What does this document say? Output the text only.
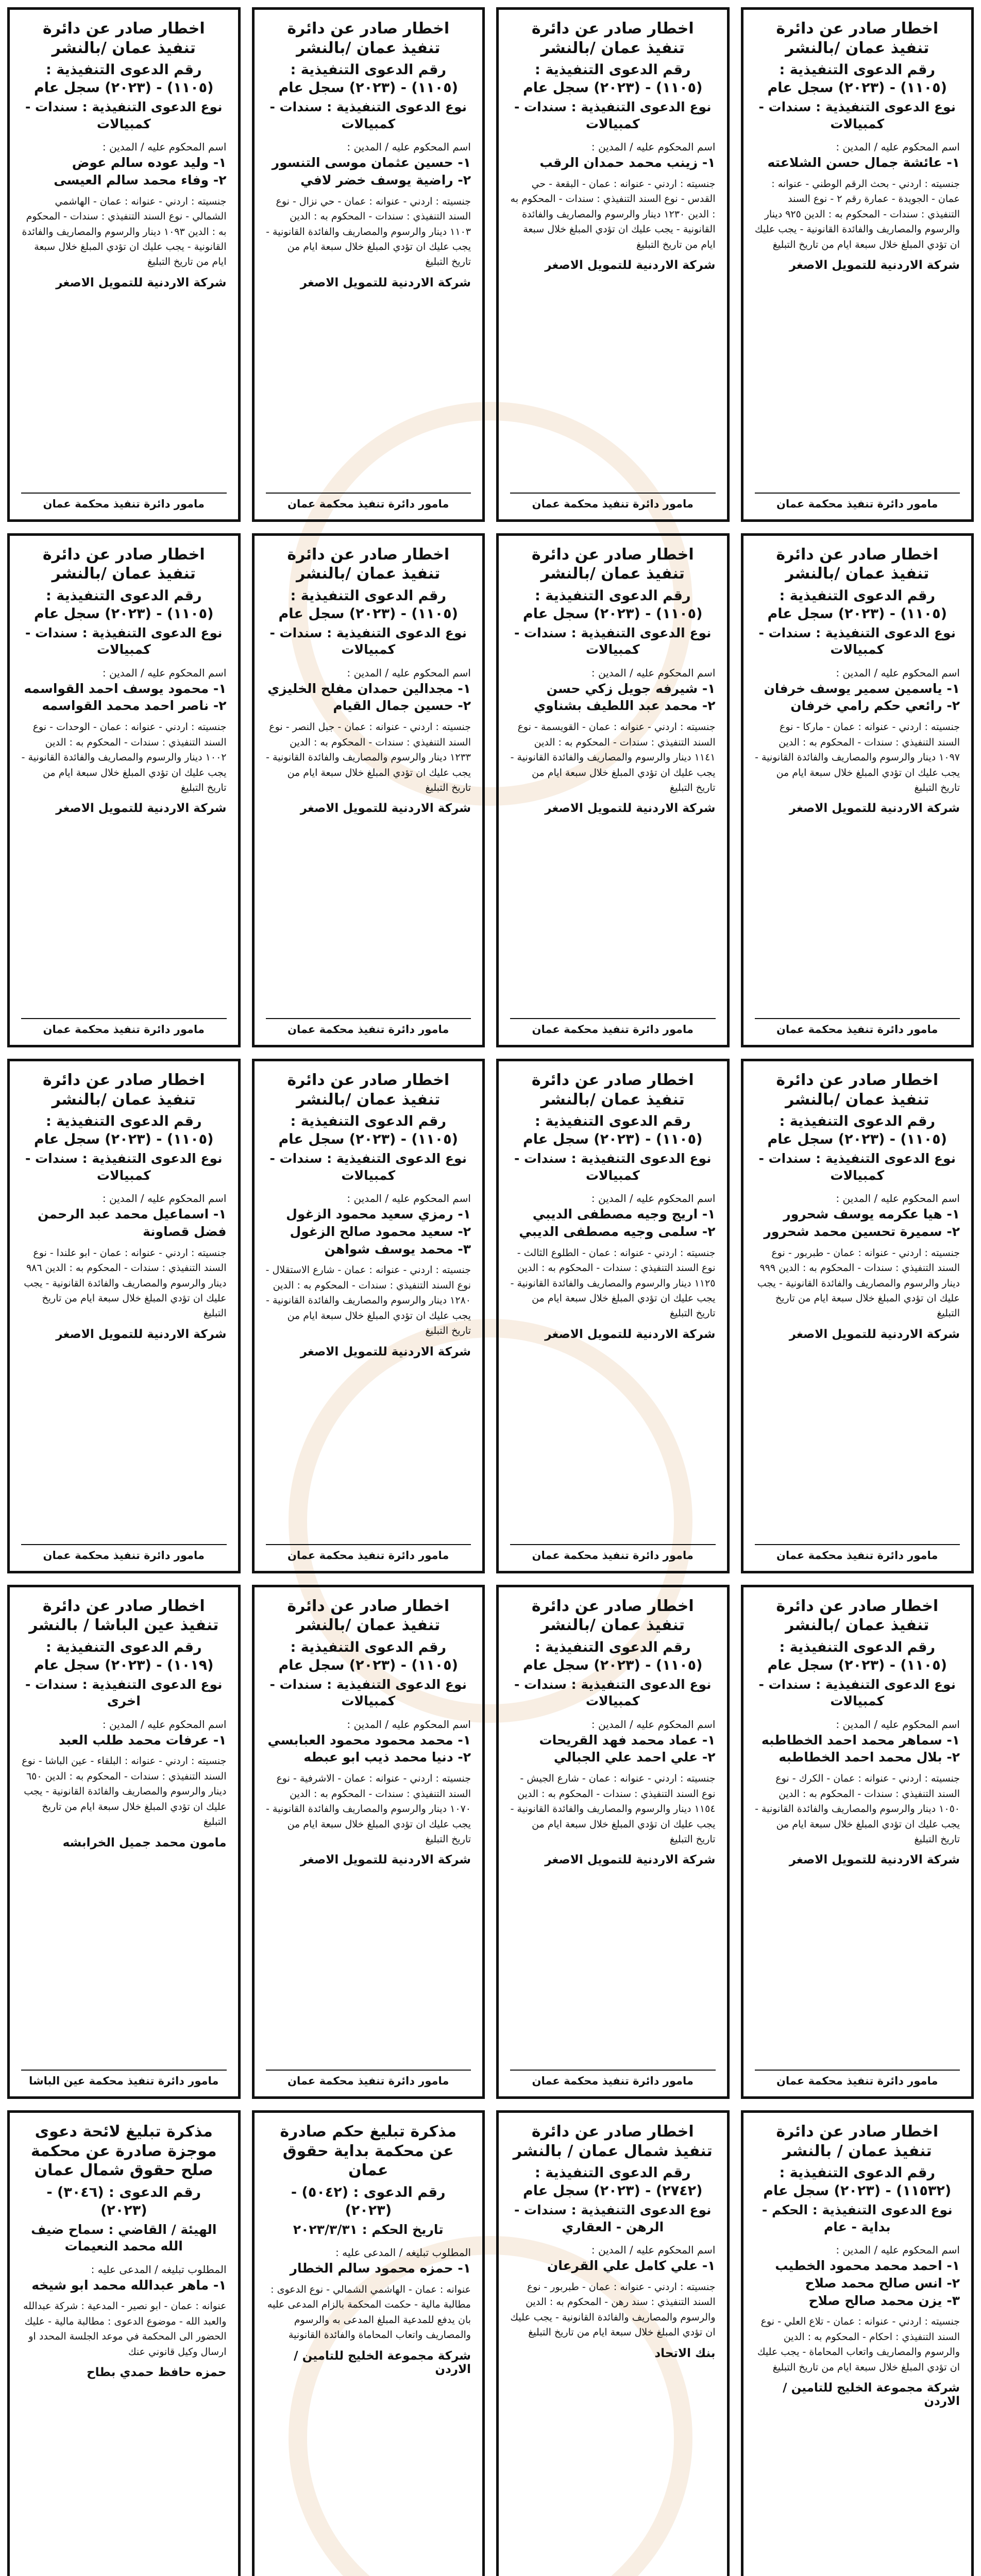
اخطار صادر عن دائرة تنفيذ عمان /بالنشر
رقم الدعوى التنفيذية : (١١٠٥) - (٢٠٢٣) سجل عام
نوع الدعوى التنفيذية : سندات - كمبيالات
اسم المحكوم عليه / المدين :
١- عائشة جمال حسن الشلاعته

جنسيته : اردني - بحث الرقم الوطني - عنوانه : عمان - الجويدة - عمارة رقم ٢ - نوع السند التنفيذي : سندات - المحكوم به : الدين ٩٢٥ دينار والرسوم والمصاريف والفائدة القانونية - يجب عليك ان تؤدي المبلغ خلال سبعة ايام من تاريخ التبليغ

شركة الاردنية للتمويل الاصغر
مامور دائرة تنفيذ محكمة عمان
اخطار صادر عن دائرة تنفيذ عمان /بالنشر
رقم الدعوى التنفيذية : (١١٠٥) - (٢٠٢٣) سجل عام
نوع الدعوى التنفيذية : سندات - كمبيالات
اسم المحكوم عليه / المدين :
١- زينب محمد حمدان الرقب

جنسيته : اردني - عنوانه : عمان - البقعة - حي القدس - نوع السند التنفيذي : سندات - المحكوم به : الدين ١٢٣٠ دينار والرسوم والمصاريف والفائدة القانونية - يجب عليك ان تؤدي المبلغ خلال سبعة ايام من تاريخ التبليغ

شركة الاردنية للتمويل الاصغر
مامور دائرة تنفيذ محكمة عمان
اخطار صادر عن دائرة تنفيذ عمان /بالنشر
رقم الدعوى التنفيذية : (١١٠٥) - (٢٠٢٣) سجل عام
نوع الدعوى التنفيذية : سندات - كمبيالات
اسم المحكوم عليه / المدين :
١- حسين عثمان موسى التنسور
٢- راضية يوسف خضر لافي

جنسيته : اردني - عنوانه : عمان - حي نزال - نوع السند التنفيذي : سندات - المحكوم به : الدين ١١٠٣ دينار والرسوم والمصاريف والفائدة القانونية - يجب عليك ان تؤدي المبلغ خلال سبعة ايام من تاريخ التبليغ

شركة الاردنية للتمويل الاصغر
مامور دائرة تنفيذ محكمة عمان
اخطار صادر عن دائرة تنفيذ عمان /بالنشر
رقم الدعوى التنفيذية : (١١٠٥) - (٢٠٢٣) سجل عام
نوع الدعوى التنفيذية : سندات - كمبيالات
اسم المحكوم عليه / المدين :
١- وليد عوده سالم عوض
٢- وفاء محمد سالم العيسى

جنسيته : اردني - عنوانه : عمان - الهاشمي الشمالي - نوع السند التنفيذي : سندات - المحكوم به : الدين ١٠٩٣ دينار والرسوم والمصاريف والفائدة القانونية - يجب عليك ان تؤدي المبلغ خلال سبعة ايام من تاريخ التبليغ

شركة الاردنية للتمويل الاصغر
مامور دائرة تنفيذ محكمة عمان
اخطار صادر عن دائرة تنفيذ عمان /بالنشر
رقم الدعوى التنفيذية : (١١٠٥) - (٢٠٢٣) سجل عام
نوع الدعوى التنفيذية : سندات - كمبيالات
اسم المحكوم عليه / المدين :
١- ياسمين سمير يوسف خرفان
٢- رائعي حكم رامي خرفان

جنسيته : اردني - عنوانه : عمان - ماركا - نوع السند التنفيذي : سندات - المحكوم به : الدين ١٠٩٧ دينار والرسوم والمصاريف والفائدة القانونية - يجب عليك ان تؤدي المبلغ خلال سبعة ايام من تاريخ التبليغ

شركة الاردنية للتمويل الاصغر
مامور دائرة تنفيذ محكمة عمان
اخطار صادر عن دائرة تنفيذ عمان /بالنشر
رقم الدعوى التنفيذية : (١١٠٥) - (٢٠٢٣) سجل عام
نوع الدعوى التنفيذية : سندات - كمبيالات
اسم المحكوم عليه / المدين :
١- شيرفه جويل زكي حسن
٢- محمد عبد اللطيف بشناوي

جنسيته : اردني - عنوانه : عمان - القويسمة - نوع السند التنفيذي : سندات - المحكوم به : الدين ١١٤١ دينار والرسوم والمصاريف والفائدة القانونية - يجب عليك ان تؤدي المبلغ خلال سبعة ايام من تاريخ التبليغ

شركة الاردنية للتمويل الاصغر
مامور دائرة تنفيذ محكمة عمان
اخطار صادر عن دائرة تنفيذ عمان /بالنشر
رقم الدعوى التنفيذية : (١١٠٥) - (٢٠٢٣) سجل عام
نوع الدعوى التنفيذية : سندات - كمبيالات
اسم المحكوم عليه / المدين :
١- مجدالين حمدان مفلح الخليزي
٢- حسين جمال القيام

جنسيته : اردني - عنوانه : عمان - جبل النصر - نوع السند التنفيذي : سندات - المحكوم به : الدين ١٢٣٣ دينار والرسوم والمصاريف والفائدة القانونية - يجب عليك ان تؤدي المبلغ خلال سبعة ايام من تاريخ التبليغ

شركة الاردنية للتمويل الاصغر
مامور دائرة تنفيذ محكمة عمان
اخطار صادر عن دائرة تنفيذ عمان /بالنشر
رقم الدعوى التنفيذية : (١١٠٥) - (٢٠٢٣) سجل عام
نوع الدعوى التنفيذية : سندات - كمبيالات
اسم المحكوم عليه / المدين :
١- محمود يوسف احمد القواسمه
٢- ناصر احمد محمد القواسمه

جنسيته : اردني - عنوانه : عمان - الوحدات - نوع السند التنفيذي : سندات - المحكوم به : الدين ١٠٠٢ دينار والرسوم والمصاريف والفائدة القانونية - يجب عليك ان تؤدي المبلغ خلال سبعة ايام من تاريخ التبليغ

شركة الاردنية للتمويل الاصغر
مامور دائرة تنفيذ محكمة عمان
اخطار صادر عن دائرة تنفيذ عمان /بالنشر
رقم الدعوى التنفيذية : (١١٠٥) - (٢٠٢٣) سجل عام
نوع الدعوى التنفيذية : سندات - كمبيالات
اسم المحكوم عليه / المدين :
١- هيا عكرمه يوسف شحرور
٢- سميرة تحسين محمد شحرور

جنسيته : اردني - عنوانه : عمان - طبربور - نوع السند التنفيذي : سندات - المحكوم به : الدين ٩٩٩ دينار والرسوم والمصاريف والفائدة القانونية - يجب عليك ان تؤدي المبلغ خلال سبعة ايام من تاريخ التبليغ

شركة الاردنية للتمويل الاصغر
مامور دائرة تنفيذ محكمة عمان
اخطار صادر عن دائرة تنفيذ عمان /بالنشر
رقم الدعوى التنفيذية : (١١٠٥) - (٢٠٢٣) سجل عام
نوع الدعوى التنفيذية : سندات - كمبيالات
اسم المحكوم عليه / المدين :
١- اريج وجيه مصطفى الديبي
٢- سلمى وجيه مصطفى الديبي

جنسيته : اردني - عنوانه : عمان - الطلوع الثالث - نوع السند التنفيذي : سندات - المحكوم به : الدين ١١٢٥ دينار والرسوم والمصاريف والفائدة القانونية - يجب عليك ان تؤدي المبلغ خلال سبعة ايام من تاريخ التبليغ

شركة الاردنية للتمويل الاصغر
مامور دائرة تنفيذ محكمة عمان
اخطار صادر عن دائرة تنفيذ عمان /بالنشر
رقم الدعوى التنفيذية : (١١٠٥) - (٢٠٢٣) سجل عام
نوع الدعوى التنفيذية : سندات - كمبيالات
اسم المحكوم عليه / المدين :
١- رمزي سعيد محمود الزغول
٢- سعيد محمود صالح الزغول
٣- محمد يوسف شواهن

جنسيته : اردني - عنوانه : عمان - شارع الاستقلال - نوع السند التنفيذي : سندات - المحكوم به : الدين ١٢٨٠ دينار والرسوم والمصاريف والفائدة القانونية - يجب عليك ان تؤدي المبلغ خلال سبعة ايام من تاريخ التبليغ

شركة الاردنية للتمويل الاصغر
مامور دائرة تنفيذ محكمة عمان
اخطار صادر عن دائرة تنفيذ عمان /بالنشر
رقم الدعوى التنفيذية : (١١٠٥) - (٢٠٢٣) سجل عام
نوع الدعوى التنفيذية : سندات - كمبيالات
اسم المحكوم عليه / المدين :
١- اسماعيل محمد عبد الرحمن فضل قصاونة

جنسيته : اردني - عنوانه : عمان - ابو علندا - نوع السند التنفيذي : سندات - المحكوم به : الدين ٩٨٦ دينار والرسوم والمصاريف والفائدة القانونية - يجب عليك ان تؤدي المبلغ خلال سبعة ايام من تاريخ التبليغ

شركة الاردنية للتمويل الاصغر
مامور دائرة تنفيذ محكمة عمان
اخطار صادر عن دائرة تنفيذ عمان /بالنشر
رقم الدعوى التنفيذية : (١١٠٥) - (٢٠٢٣) سجل عام
نوع الدعوى التنفيذية : سندات - كمبيالات
اسم المحكوم عليه / المدين :
١- سماهر محمد احمد الخطاطبه
٢- بلال محمد احمد الخطاطبه

جنسيته : اردني - عنوانه : عمان - الكرك - نوع السند التنفيذي : سندات - المحكوم به : الدين ١٠٥٠ دينار والرسوم والمصاريف والفائدة القانونية - يجب عليك ان تؤدي المبلغ خلال سبعة ايام من تاريخ التبليغ

شركة الاردنية للتمويل الاصغر
مامور دائرة تنفيذ محكمة عمان
اخطار صادر عن دائرة تنفيذ عمان /بالنشر
رقم الدعوى التنفيذية : (١١٠٥) - (٢٠٢٣) سجل عام
نوع الدعوى التنفيذية : سندات - كمبيالات
اسم المحكوم عليه / المدين :
١- عماد محمد فهد القريحات
٢- علي احمد علي الجبالي

جنسيته : اردني - عنوانه : عمان - شارع الجيش - نوع السند التنفيذي : سندات - المحكوم به : الدين ١١٥٤ دينار والرسوم والمصاريف والفائدة القانونية - يجب عليك ان تؤدي المبلغ خلال سبعة ايام من تاريخ التبليغ

شركة الاردنية للتمويل الاصغر
مامور دائرة تنفيذ محكمة عمان
اخطار صادر عن دائرة تنفيذ عمان /بالنشر
رقم الدعوى التنفيذية : (١١٠٥) - (٢٠٢٣) سجل عام
نوع الدعوى التنفيذية : سندات - كمبيالات
اسم المحكوم عليه / المدين :
١- محمد محمود محمود العبابسي
٢- دنيا محمد ذيب ابو عبطه

جنسيته : اردني - عنوانه : عمان - الاشرفية - نوع السند التنفيذي : سندات - المحكوم به : الدين ١٠٧٠ دينار والرسوم والمصاريف والفائدة القانونية - يجب عليك ان تؤدي المبلغ خلال سبعة ايام من تاريخ التبليغ

شركة الاردنية للتمويل الاصغر
مامور دائرة تنفيذ محكمة عمان
اخطار صادر عن دائرة تنفيذ عين الباشا / بالنشر
رقم الدعوى التنفيذية : (١٠١٩) - (٢٠٢٣) سجل عام
نوع الدعوى التنفيذية : سندات - اخرى
اسم المحكوم عليه / المدين :
١- عرفات محمد طلب العبد

جنسيته : اردني - عنوانه : البلقاء - عين الباشا - نوع السند التنفيذي : سندات - المحكوم به : الدين ٦٥٠ دينار والرسوم والمصاريف والفائدة القانونية - يجب عليك ان تؤدي المبلغ خلال سبعة ايام من تاريخ التبليغ

مامون محمد جميل الخرابشه
مامور دائرة تنفيذ محكمة عين الباشا
اخطار صادر عن دائرة تنفيذ عمان / بالنشر
رقم الدعوى التنفيذية : (١١٥٣٢) - (٢٠٢٣) سجل عام
نوع الدعوى التنفيذية : الحكم - بداية - عام
اسم المحكوم عليه / المدين :
١- احمد محمد محمود الخطيب
٢- انس صالح محمد صلاح
٣- يزن محمد صالح صلاح

جنسيته : اردني - عنوانه : عمان - تلاع العلي - نوع السند التنفيذي : احكام - المحكوم به : الدين والرسوم والمصاريف واتعاب المحاماة - يجب عليك ان تؤدي المبلغ خلال سبعة ايام من تاريخ التبليغ

شركة مجموعة الخليج للتامين / الاردن
اخطار صادر عن دائرة تنفيذ شمال عمان / بالنشر
رقم الدعوى التنفيذية : (٢٧٤٢) - (٢٠٢٣) سجل عام
نوع الدعوى التنفيذية : سندات - الرهن - العقاري
اسم المحكوم عليه / المدين :
١- علي كامل علي القرعان

جنسيته : اردني - عنوانه : عمان - طبربور - نوع السند التنفيذي : سند رهن - المحكوم به : الدين والرسوم والمصاريف والفائدة القانونية - يجب عليك ان تؤدي المبلغ خلال سبعة ايام من تاريخ التبليغ

بنك الاتحاد
مذكرة تبليغ حكم صادرة عن محكمة بداية حقوق عمان
رقم الدعوى : (٥٠٤٢) - (٢٠٢٣)
تاريخ الحكم : ٢٠٢٣/٣/٣١
المطلوب تبليغه / المدعى عليه :
١- حمزه محمود سالم الخطار

عنوانه : عمان - الهاشمي الشمالي - نوع الدعوى : مطالبة مالية - حكمت المحكمة بالزام المدعى عليه بان يدفع للمدعية المبلغ المدعى به والرسوم والمصاريف واتعاب المحاماة والفائدة القانونية

شركة مجموعة الخليج للتامين / الاردن
مذكرة تبليغ لائحة دعوى موجزة صادرة عن محكمة صلح حقوق شمال عمان
رقم الدعوى : (٣٠٤٦) - (٢٠٢٣)
الهيئة / القاضي : سماح ضيف الله محمد النعيمات
المطلوب تبليغه / المدعى عليه :
١- ماهر عبدالله محمد ابو شيخه

عنوانه : عمان - ابو نصير - المدعية : شركة عبدالله والعبد الله - موضوع الدعوى : مطالبة مالية - عليك الحضور الى المحكمة في موعد الجلسة المحدد او ارسال وكيل قانوني عنك

حمزه حافظ حمدي بطاح
